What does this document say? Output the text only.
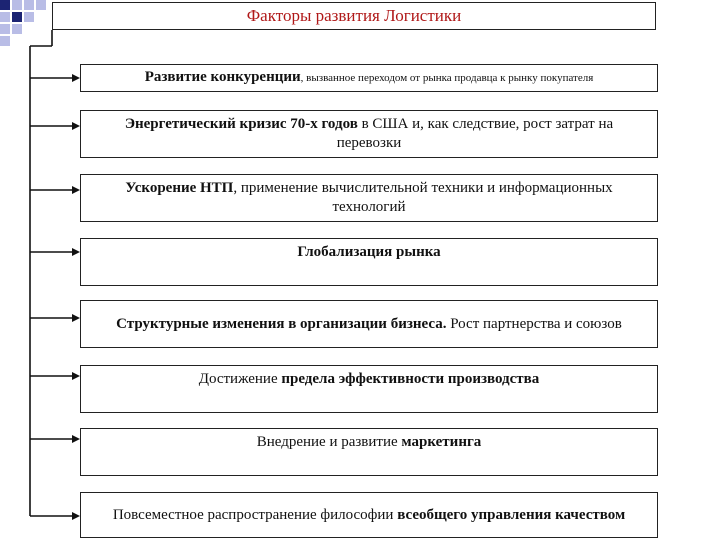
Факторы развития Логистики
Развитие конкуренции, вызванное переходом от рынка продавца к рынку покупателя
Энергетический кризис 70-х годов в США и, как следствие, рост затрат на перевозки
Ускорение НТП, применение вычислительной техники и информационных технологий
Глобализация рынка
Структурные изменения в организации бизнеса. Рост партнерства и союзов
Достижение предела эффективности производства
Внедрение и развитие маркетинга
Повсеместное распространение философии всеобщего управления качеством
